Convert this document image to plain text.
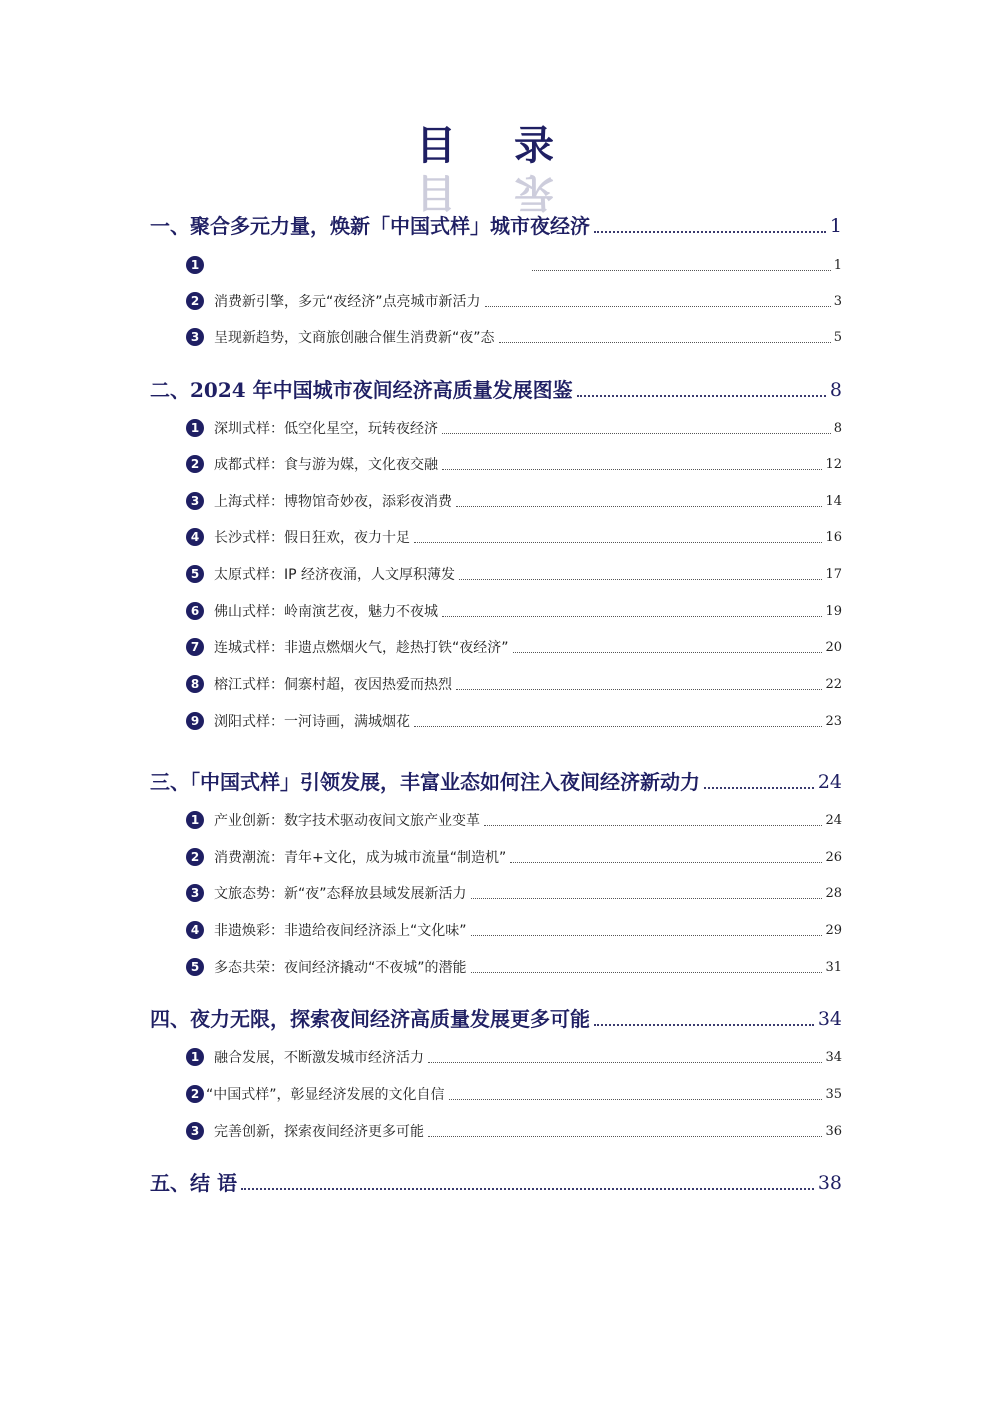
目 录
目 录
一、聚合多元力量，焕新「中国式样」城市夜经济	1
1	1
2	消费新引擎，多元“夜经济”点亮城市新活力	3
3	呈现新趋势，文商旅创融合催生消费新“夜”态	5
二、2024 年中国城市夜间经济高质量发展图鉴	8
1	深圳式样：低空化星空，玩转夜经济	8
2	成都式样：食与游为媒，文化夜交融	12
3	上海式样：博物馆奇妙夜，添彩夜消费	14
4	长沙式样：假日狂欢，夜力十足	16
5	太原式样：IP 经济夜涌，人文厚积薄发	17
6	佛山式样：岭南演艺夜，魅力不夜城	19
7	连城式样：非遗点燃烟火气，趁热打铁“夜经济”	20
8	榕江式样：侗寨村超，夜因热爱而热烈	22
9	浏阳式样：一河诗画，满城烟花	23
三、「中国式样」引领发展，丰富业态如何注入夜间经济新动力	24
1	产业创新：数字技术驱动夜间文旅产业变革	24
2	消费潮流：青年+文化，成为城市流量“制造机”	26
3	文旅态势：新“夜”态释放县域发展新活力	28
4	非遗焕彩：非遗给夜间经济添上“文化味”	29
5	多态共荣：夜间经济撬动“不夜城”的潜能	31
四、夜力无限，探索夜间经济高质量发展更多可能	34
1	融合发展，不断激发城市经济活力	34
2 “中国式样”，彰显经济发展的文化自信	35
3	完善创新，探索夜间经济更多可能	36
五、结 语	38
